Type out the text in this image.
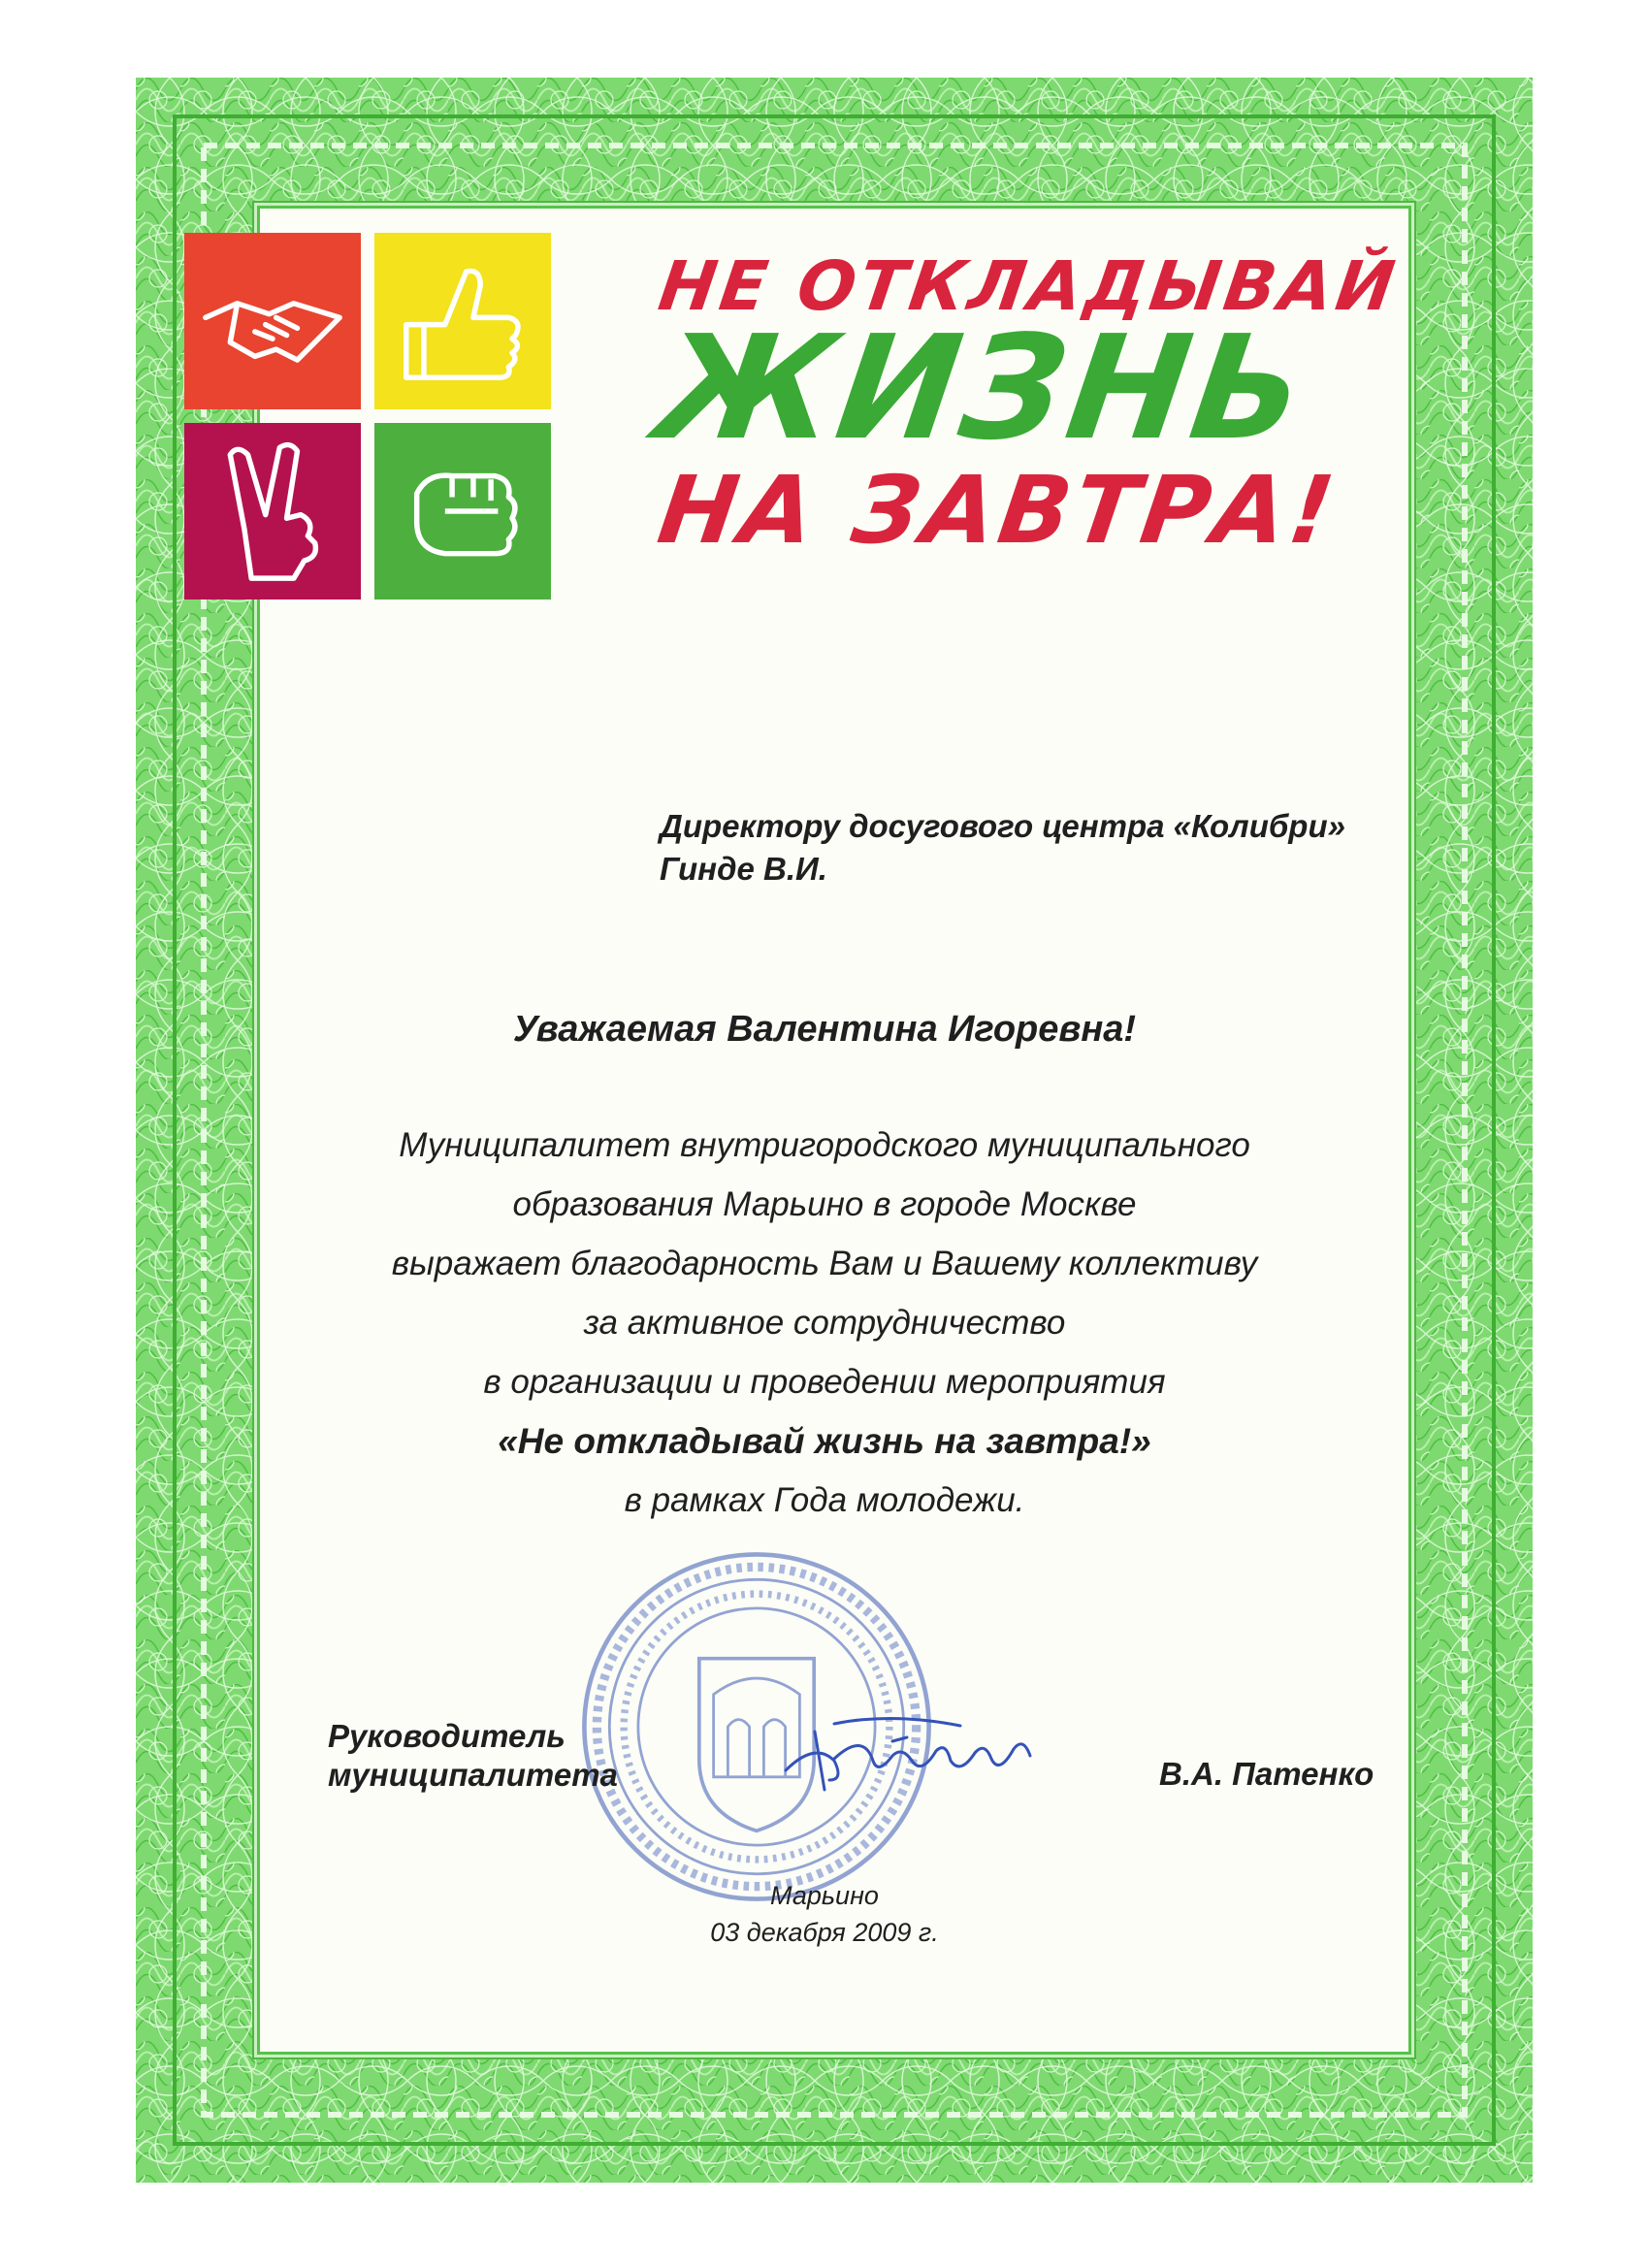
НЕ ОТКЛАДЫВАЙ
ЖИЗНЬ
НА ЗАВТРА!
Директору досугового центра «Колибри»
Гинде В.И.
Уважаемая Валентина Игоревна!
Муниципалитет внутригородского муниципального
образования Марьино в городе Москве
выражает благодарность Вам и Вашему коллективу
за активное сотрудничество
в организации и проведении мероприятия
«Не откладывай жизнь на завтра!»
в рамках Года молодежи.
Руководитель
муниципалитета	В.А. Патенко
Марьино
03 декабря 2009 г.
